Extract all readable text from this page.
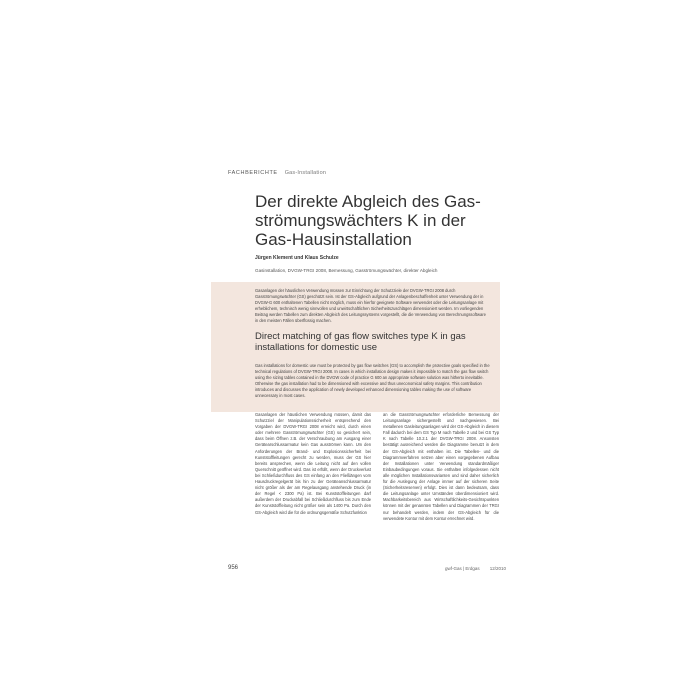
FACHBERICHTE Gas-Installation
Der direkte Abgleich des Gas-strömungswächters K in der Gas-Hausinstallation
Jürgen Klement und Klaus Schulze
Gasinstallation, DVGW-TRGI 2008, Bemessung, Gasströmungswächter, direkter Abgleich

Gasanlagen der häuslichen Verwendung müssen zur Einrichtung der Schutzziele der DVGW-TRGI 2008 durch Gasströmungswächter (GS) geschützt sein. Ist der GS-Abgleich aufgrund der Anlagenbeschaffenheit unter Verwendung der in DVGW-G 600 enthaltenen Tabellen nicht möglich, muss ein hierfür geeignete Software verwendet oder die Leitungsanlage mit erheblichem, technisch wenig sinnvollen und unwirtschaftlichen Sicherheitszuschlägen dimensioniert werden. Im vorliegenden Beitrag werden Tabellen zum direkten Abgleich des Leitungssystems vorgestellt, die die Verwendung von Berechnungssoftware in den meisten Fällen überflüssig machen.

Direct matching of gas flow switches type K in gas installations for domestic use

Gas installations for domestic use must be protected by gas flow switches (GS) to accomplish the protective goals specified in the technical regulations of DVGW-TRGI 2008. In cases in which installation design makes it impossible to match the gas flow switch using the sizing tables contained in the DVGW code of practice G 600 an appropriate software solution was hitherto inevitable. Otherwise the gas installation had to be dimensioned with excessive and thus uneconomical safety margins. This contribution introduces and discusses the application of newly developed enhanced dimensioning tables making the use of software unnecessary in most cases.

Gasanlagen der häuslichen Verwendung müssen, damit das Schutzziel der Manipulationssicherheit entsprechend den Vorgaben der DVGW-TRGI 2008 erreicht wird, durch einen oder mehrere Gasströmungswächter (GS) so gesichert sein, dass beim Öffnen z.B. der Verschraubung am Ausgang einer Gerätearschlussarmatur kein Gas ausströmen kann. Um den Anforderungen der Brand- und Explosionssicherheit bei Kunststoffleitungen gerecht zu werden, muss der GS hier bereits ansprechen, wenn die Leitung nicht auf den vollen Querschnitt geöffnet wird. Das ist erfüllt, wenn der Druckverlust bei Schließdurchfluss des GS einfang an den Fließlängen vom Hausdruckregelgerät bis hin zu der Geräteanschlussarmatur nicht größer als der am Regelausgang anstehende Druck (in der Regel < 2300 Pa) ist. Bei Kunststoffleitungen darf außerdem der Druckabfall bei Schließdurchfluss bis zum Ende der Kunststoffleitung nicht größer sein als 1400 Pa. Durch den GS-Abgleich wird die für die ordnungsgemäße Schutzfunktion

an die Gasströmungswächter erforderliche Bemessung der Leitungsanlage sichergestellt und nachgewiesen. Bei metallenen Gasleitungsanlagen wird der GS-Abgleich in diesem Fall dadurch bei dem GS Typ M nach Tabelle 2 und bei GS Typ K nach Tabelle 10.2.1 der DVGW-TRGI 2008. Ansonsten bestätigt ausreichend werden die Diagramme benutzt in dem der GS-Abgleich mit enthalten ist. Die Tabellen- und die Diagrammverfahren setzen aber einen vorgegebenen Aufbau der Installationen unter Verwendung standardmäßiger Einbaubedingungen voraus. Sie enthalten infolgedessen nicht alle möglichen Installationsvarianten und sind daher sicherlich für die Auslegung der Anlage immer auf der sicheren Seite (Sicherheitsreserven) erfolgt. Dies ist dann bedeutsam, dass die Leitungsanlage unter Umständen überdimensioniert wird. Machbarkeitsbereich aus Wirtschaftlichkeits-Gesichtspunkten können mit der genannten Tabellen und Diagrammen der TRGI nur behandelt werden, indem der GS-Abgleich für die verwendete Kontur mit dem Kontur errechnet wird.

956	gwf-Gas | Erdgas 12/2010
